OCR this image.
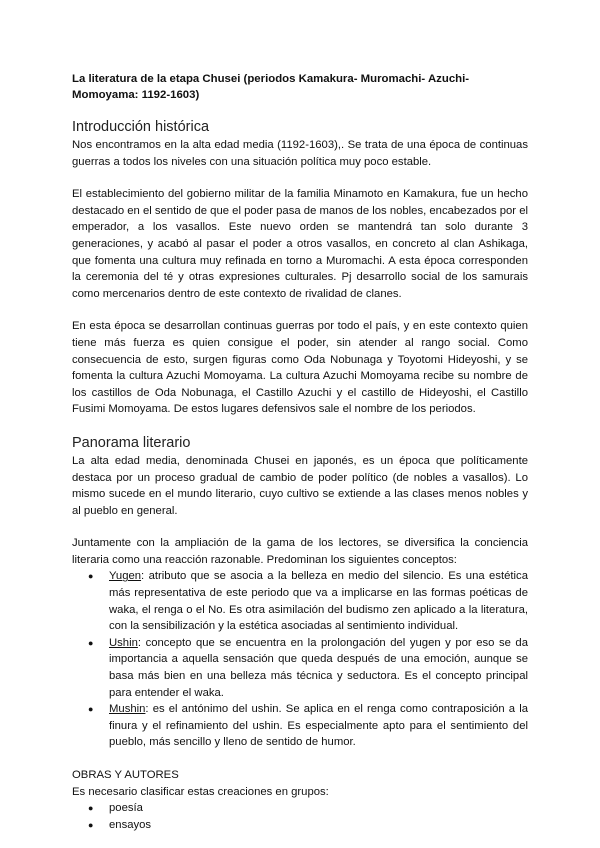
La literatura de la etapa Chusei (periodos Kamakura- Muromachi- Azuchi- Momoyama: 1192-1603)
Introducción histórica

Nos encontramos en la alta edad media (1192-1603),. Se trata de una época de continuas guerras a todos los niveles con una situación política muy poco estable.

El establecimiento del gobierno militar de la familia Minamoto en Kamakura, fue un hecho destacado en el sentido de que el poder pasa de manos de los nobles, encabezados por el emperador, a los vasallos. Este nuevo orden se mantendrá tan solo durante 3 generaciones, y acabó al pasar el poder a otros vasallos, en concreto al clan Ashikaga, que fomenta una cultura muy refinada en torno a Muromachi. A esta época corresponden la ceremonia del té y otras expresiones culturales. Pj desarrollo social de los samurais como mercenarios dentro de este contexto de rivalidad de clanes.

En esta época se desarrollan continuas guerras por todo el país, y en este contexto quien tiene más fuerza es quien consigue el poder, sin atender al rango social. Como consecuencia de esto, surgen figuras como Oda Nobunaga y Toyotomi Hideyoshi, y se fomenta la cultura Azuchi Momoyama. La cultura Azuchi Momoyama recibe su nombre de los castillos de Oda Nobunaga, el Castillo Azuchi y el castillo de Hideyoshi, el Castillo Fusimi Momoyama. De estos lugares defensivos sale el nombre de los periodos.

Panorama literario

La alta edad media, denominada Chusei en japonés, es un época que políticamente destaca por un proceso gradual de cambio de poder político (de nobles a vasallos). Lo mismo sucede en el mundo literario, cuyo cultivo se extiende a las clases menos nobles y al pueblo en general.

Juntamente con la ampliación de la gama de los lectores, se diversifica la conciencia literaria como una reacción razonable. Predominan los siguientes conceptos:

● Yugen: atributo que se asocia a la belleza en medio del silencio. Es una estética más representativa de este periodo que va a implicarse en las formas poéticas de waka, el renga o el No. Es otra asimilación del budismo zen aplicado a la literatura, con la sensibilización y la estética asociadas al sentimiento individual.
● Ushin: concepto que se encuentra en la prolongación del yugen y por eso se da importancia a aquella sensación que queda después de una emoción, aunque se basa más bien en una belleza más técnica y seductora. Es el concepto principal para entender el waka.
● Mushin: es el antónimo del ushin. Se aplica en el renga como contraposición a la finura y el refinamiento del ushin. Es especialmente apto para el sentimiento del pueblo, más sencillo y lleno de sentido de humor.
OBRAS Y AUTORES
Es necesario clasificar estas creaciones en grupos:
● poesía
● ensayos
